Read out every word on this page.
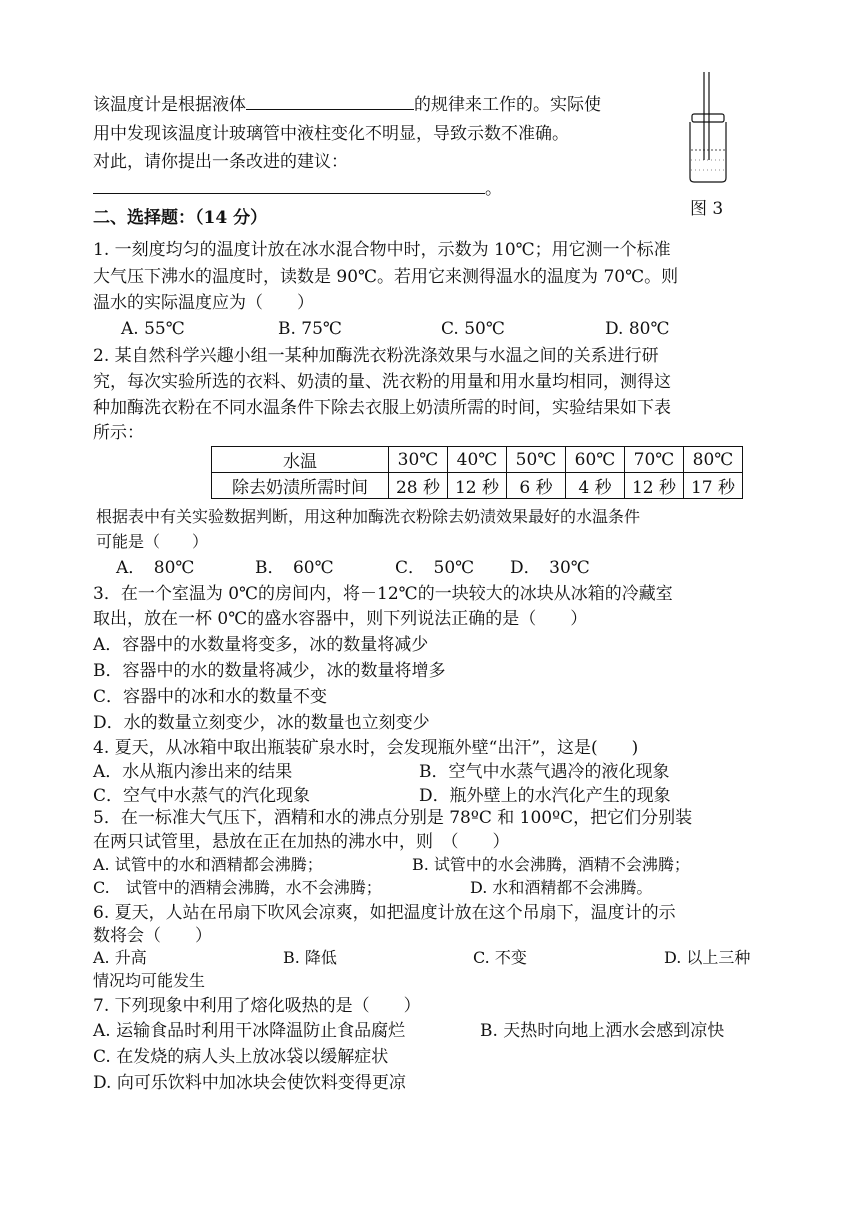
该温度计是根据液体	的规律来工作的。实际使
用中发现该温度计玻璃管中液柱变化不明显，导致示数不准确。
对此，请你提出一条改进的建议：
。
图 3
二、选择题：（14 分）
1. 一刻度均匀的温度计放在冰水混合物中时，示数为 10℃；用它测一个标准
大气压下沸水的温度时，读数是 90℃。若用它来测得温水的温度为 70℃。则
温水的实际温度应为（　　）
A. 55℃	B. 75℃	C. 50℃	D. 80℃
2. 某自然科学兴趣小组一某种加酶洗衣粉洗涤效果与水温之间的关系进行研
究，每次实验所选的衣料、奶渍的量、洗衣粉的用量和用水量均相同，测得这
种加酶洗衣粉在不同水温条件下除去衣服上奶渍所需的时间，实验结果如下表
所示：
水温	30℃	40℃	50℃	60℃	70℃	80℃
除去奶渍所需时间	28 秒	12 秒	6 秒	4 秒	12 秒	17 秒
根据表中有关实验数据判断，用这种加酶洗衣粉除去奶渍效果最好的水温条件
可能是（　　）
A．　80℃	B．　60℃	C．　50℃ D．　30℃
3．在一个室温为 0℃的房间内，将－12℃的一块较大的冰块从冰箱的冷藏室
取出，放在一杯 0℃的盛水容器中，则下列说法正确的是（　　）
A．容器中的水数量将变多，冰的数量将减少
B．容器中的水的数量将减少，冰的数量将增多
C．容器中的冰和水的数量不变
D．水的数量立刻变少，冰的数量也立刻变少
4. 夏天，从冰箱中取出瓶装矿泉水时，会发现瓶外壁“出汗”，这是(　　)
A．水从瓶内渗出来的结果	B．空气中水蒸气遇冷的液化现象
C．空气中水蒸气的汽化现象	D．瓶外壁上的水汽化产生的现象
5．在一标准大气压下，酒精和水的沸点分别是 78ºC 和 100ºC，把它们分别装
在两只试管里，悬放在正在加热的沸水中，则　（　　）
A. 试管中的水和酒精都会沸腾；	B. 试管中的水会沸腾，酒精不会沸腾；
C.　试管中的酒精会沸腾，水不会沸腾；	D. 水和酒精都不会沸腾。
6. 夏天，人站在吊扇下吹风会凉爽，如把温度计放在这个吊扇下，温度计的示
数将会（　　）
A. 升高	B. 降低	C. 不变	D. 以上三种
情况均可能发生
7. 下列现象中利用了熔化吸热的是（　　）
A. 运输食品时利用干冰降温防止食品腐烂	B. 天热时向地上洒水会感到凉快
C. 在发烧的病人头上放冰袋以缓解症状
D. 向可乐饮料中加冰块会使饮料变得更凉
